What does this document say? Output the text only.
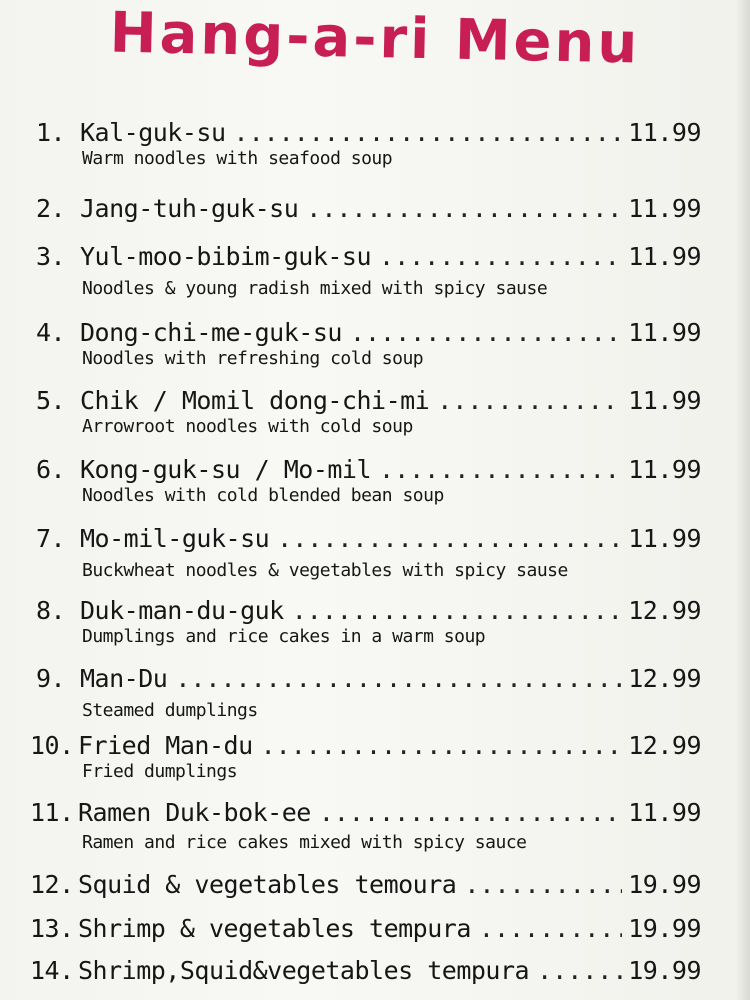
Hang-a-ri Menu
1. Kal-guk-su .....	11.99
Warm noodles with seafood soup
2. Jang-tuh-guk-su .....	11.99
3. Yul-moo-bibim-guk-su .....	11.99
Noodles & young radish mixed with spicy sause
4. Dong-chi-me-guk-su .....	11.99
Noodles with refreshing cold soup
5. Chik / Momil dong-chi-mi .....	11.99
Arrowroot noodles with cold soup
6. Kong-guk-su / Mo-mil .....	11.99
Noodles with cold blended bean soup
7. Mo-mil-guk-su .....	11.99
Buckwheat noodles & vegetables with spicy sause
8. Duk-man-du-guk .....	12.99
Dumplings and rice cakes in a warm soup
9. Man-Du .....	12.99
Steamed dumplings
10. Fried Man-du .....	12.99
Fried dumplings
11. Ramen Duk-bok-ee .....	11.99
Ramen and rice cakes mixed with spicy sauce
12. Squid & vegetables temoura .....	19.99
13. Shrimp & vegetables tempura .....	19.99
14. Shrimp,Squid&vegetables tempura .....	19.99
